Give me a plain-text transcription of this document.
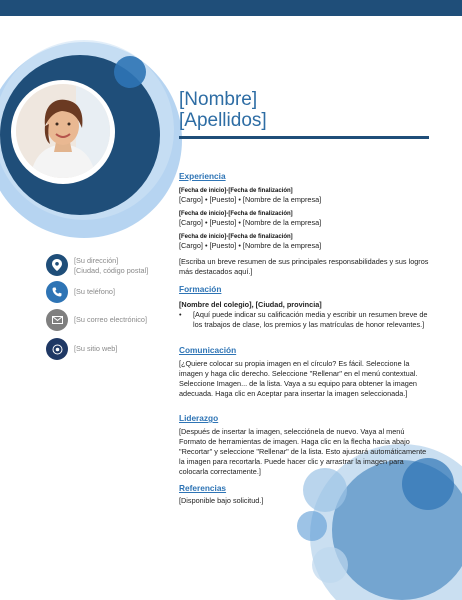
[Nombre]
[Apellidos]
[Su dirección]
[Ciudad, código postal]
[Su teléfono]
[Su correo electrónico]
[Su sitio web]
Experiencia
[Fecha de inicio]-[Fecha de finalización]
[Cargo] • [Puesto] • [Nombre de la empresa]
[Fecha de inicio]-[Fecha de finalización]
[Cargo] • [Puesto] • [Nombre de la empresa]
[Fecha de inicio]-[Fecha de finalización]
[Cargo] • [Puesto] • [Nombre de la empresa]
[Escriba un breve resumen de sus principales responsabilidades y sus logros más destacados aquí.]
Formación
[Nombre del colegio], [Ciudad, provincia]
•	[Aquí puede indicar su calificación media y escribir un resumen breve de los trabajos de clase, los premios y las matrículas de honor relevantes.]
Comunicación
[¿Quiere colocar su propia imagen en el círculo? Es fácil. Seleccione la imagen y haga clic derecho. Seleccione "Rellenar" en el menú contextual. Seleccione Imagen... de la lista. Vaya a su equipo para obtener la imagen adecuada. Haga clic en Aceptar para insertar la imagen seleccionada.]
Liderazgo
[Después de insertar la imagen, selecciónela de nuevo. Vaya al menú Formato de herramientas de imagen. Haga clic en la flecha hacia abajo "Recortar" y seleccione "Rellenar" de la lista. Esto ajustará automáticamente la imagen para recortarla. Puede hacer clic y arrastrar la imagen para colocarla correctamente.]
Referencias
[Disponible bajo solicitud.]
